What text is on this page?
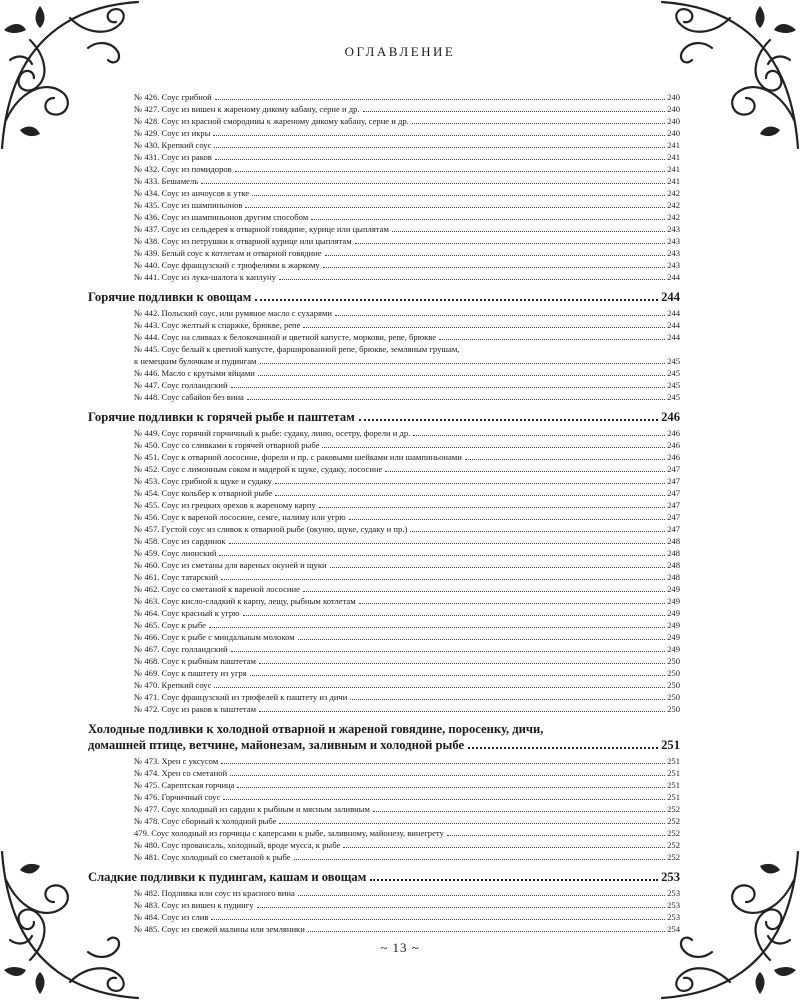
ОГЛАВЛЕНИЕ
№ 426. Соус грибной	240
№ 427. Соус из вишен к жареному дикому кабану, серне и др.	240
№ 428. Соус из красной смородины к жареному дикому кабану, серне и др.	240
№ 429. Соус из икры	240
№ 430. Крепкий соус	241
№ 431. Соус из раков	241
№ 432. Соус из помидоров	241
№ 433. Бешамель	241
№ 434. Соус из анчоусов к утке	242
№ 435. Соус из шампиньонов	242
№ 436. Соус из шампиньонов другим способом	242
№ 437. Соус из сельдерея к отварной говядине, курице или цыплятам	243
№ 438. Соус из петрушки к отварной курице или цыплятам	243
№ 439. Белый соус к котлетам и отварной говядине	243
№ 440. Соус французский с трюфелями к жаркому	243
№ 441. Соус из лука-шалота к каплуну	244
Горячие подливки к овощам	244
№ 442. Польский соус, или румяное масло с сухарями	244
№ 443. Соус желтый к спаржке, брюкве, репе	244
№ 444. Соус на сливках к белокочанной и цветной капусте, моркови, репе, брюкве	244
№ 445. Соус белый к цветной капусте, фаршированной репе, брюкве, земляным грушам,
к немецким булочкам и пудингам	245
№ 446. Масло с крутыми яйцами	245
№ 447. Соус голландский	245
№ 448. Соус сабайон без вина	245
Горячие подливки к горячей рыбе и паштетам	246
№ 449. Соус горячий горчичный к рыбе: судаку, линю, осетру, форели и др.	246
№ 450. Соус со сливками к горячей отварной рыбе	246
№ 451. Соус к отварной лососине, форели и пр. с раковыми шейками или шампиньонами	246
№ 452. Соус с лимонным соком и мадерой к щуке, судаку, лососине	247
№ 453. Соус грибной к щуке и судаку	247
№ 454. Соус кольбер к отварной рыбе	247
№ 455. Соус из грецких орехов к жареному карпу	247
№ 456. Соус к вареной лососине, семге, налиму или угрю	247
№ 457. Густой соус из сливок к отварной рыбе (окуню, щуке, судаку и пр.)	247
№ 458. Соус из сардинок	248
№ 459. Соус лионский	248
№ 460. Соус из сметаны для вареных окуней и щуки	248
№ 461. Соус татарский	248
№ 462. Соус со сметаной к вареной лососине	249
№ 463. Соус кисло-сладкий к карпу, лещу, рыбным котлетам	249
№ 464. Соус красный к угрю	249
№ 465. Соус к рыбе	249
№ 466. Соус к рыбе с миндальным молоком	249
№ 467. Соус голландский	249
№ 468. Соус к рыбным паштетам	250
№ 469. Соус к паштету из угря	250
№ 470. Крепкий соус	250
№ 471. Соус французский из трюфелей к паштету из дичи	250
№ 472. Соус из раков к паштетам	250
Холодные подливки к холодной отварной и жареной говядине, поросенку, дичи,
домашней птице, ветчине, майонезам, заливным и холодной рыбе	251
№ 473. Хрен с уксусом	251
№ 474. Хрен со сметаной	251
№ 475. Сарептская горчица	251
№ 476. Горчичный соус	251
№ 477. Соус холодный из сардин к рыбным и мясным заливным	252
№ 478. Соус сборный к холодной рыбе	252
479. Соус холодный из горчицы с каперсами к рыбе, заливному, майонезу, винегрету	252
№ 480. Соус провансаль, холодный, вроде мусса, к рыбе	252
№ 481. Соус холодный со сметаной к рыбе	252
Сладкие подливки к пудингам, кашам и овощам	253
№ 482. Подливка или соус из красного вина	253
№ 483. Соус из вишен к пудингу	253
№ 484. Соус из слив	253
№ 485. Соус из свежей малины или земляники	254
~ 13 ~
